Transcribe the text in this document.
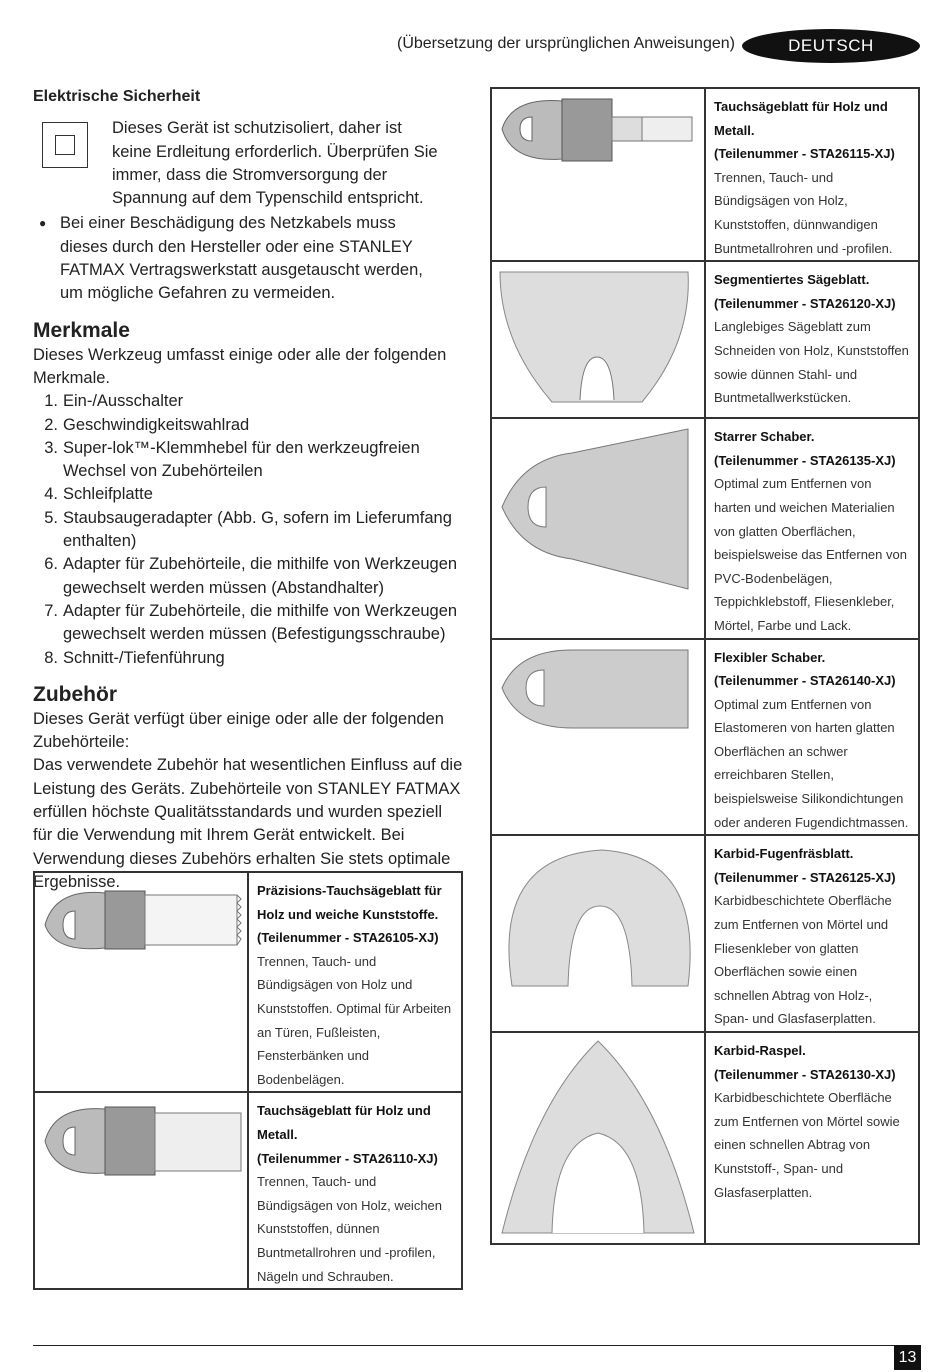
(Übersetzung der ursprünglichen Anweisungen)	DEUTSCH
Elektrische Sicherheit
Dieses Gerät ist schutzisoliert, daher ist keine Erdleitung erforderlich. Überprüfen Sie immer, dass die Stromversorgung der Spannung auf dem Typenschild entspricht.
● Bei einer Beschädigung des Netzkabels muss dieses durch den Hersteller oder eine STANLEY FATMAX Vertragswerkstatt ausgetauscht werden, um mögliche Gefahren zu vermeiden.
Merkmale
Dieses Werkzeug umfasst einige oder alle der folgenden Merkmale.
1. Ein-/Ausschalter
2. Geschwindigkeitswahlrad
3. Super-lok™-Klemmhebel für den werkzeugfreien Wechsel von Zubehörteilen
4. Schleifplatte
5. Staubsaugeradapter (Abb. G, sofern im Lieferumfang enthalten)
6. Adapter für Zubehörteile, die mithilfe von Werkzeugen gewechselt werden müssen (Abstandhalter)
7. Adapter für Zubehörteile, die mithilfe von Werkzeugen gewechselt werden müssen (Befestigungsschraube)
8. Schnitt-/Tiefenführung
Zubehör
Dieses Gerät verfügt über einige oder alle der folgenden Zubehörteile:
Das verwendete Zubehör hat wesentlichen Einfluss auf die Leistung des Geräts. Zubehörteile von STANLEY FATMAX erfüllen höchste Qualitätsstandards und wurden speziell für die Verwendung mit Ihrem Gerät entwickelt. Bei Verwendung dieses Zubehörs erhalten Sie stets optimale Ergebnisse.
		Präzisions-Tauchsägeblatt für Holz und weiche Kunststoffe.
(Teilenummer - STA26105-XJ)
Trennen, Tauch- und Bündigsägen von Holz und Kunststoffen. Optimal für Arbeiten an Türen, Fußleisten, Fensterbänken und Bodenbelägen.

Tauchsägeblatt für Holz und Metall.
(Teilenummer - STA26110-XJ)
Trennen, Tauch- und Bündigsägen von Holz, weichen Kunststoffen, dünnen Buntmetallrohren und -profilen, Nägeln und Schrauben.

Tauchsägeblatt für Holz und Metall.
(Teilenummer - STA26115-XJ)
Trennen, Tauch- und Bündigsägen von Holz, Kunststoffen, dünnwandigen Buntmetallrohren und -profilen.

Segmentiertes Sägeblatt.
(Teilenummer - STA26120-XJ)
Langlebiges Sägeblatt zum Schneiden von Holz, Kunststoffen sowie dünnen Stahl- und Buntmetallwerkstücken.

Starrer Schaber.
(Teilenummer - STA26135-XJ)
Optimal zum Entfernen von harten und weichen Materialien von glatten Oberflächen, beispielsweise das Entfernen von PVC-Bodenbelägen, Teppichklebstoff, Fliesenkleber, Mörtel, Farbe und Lack.

Flexibler Schaber.
(Teilenummer - STA26140-XJ)
Optimal zum Entfernen von Elastomeren von harten glatten Oberflächen an schwer erreichbaren Stellen, beispielsweise Silikondichtungen oder anderen Fugendichtmassen.

Karbid-Fugenfräsblatt.
(Teilenummer - STA26125-XJ)
Karbidbeschichtete Oberfläche zum Entfernen von Mörtel und Fliesenkleber von glatten Oberflächen sowie einen schnellen Abtrag von Holz-, Span- und Glasfaserplatten.

Karbid-Raspel.
(Teilenummer - STA26130-XJ)
Karbidbeschichtete Oberfläche zum Entfernen von Mörtel sowie einen schnellen Abtrag von Kunststoff-, Span- und Glasfaserplatten.
13
